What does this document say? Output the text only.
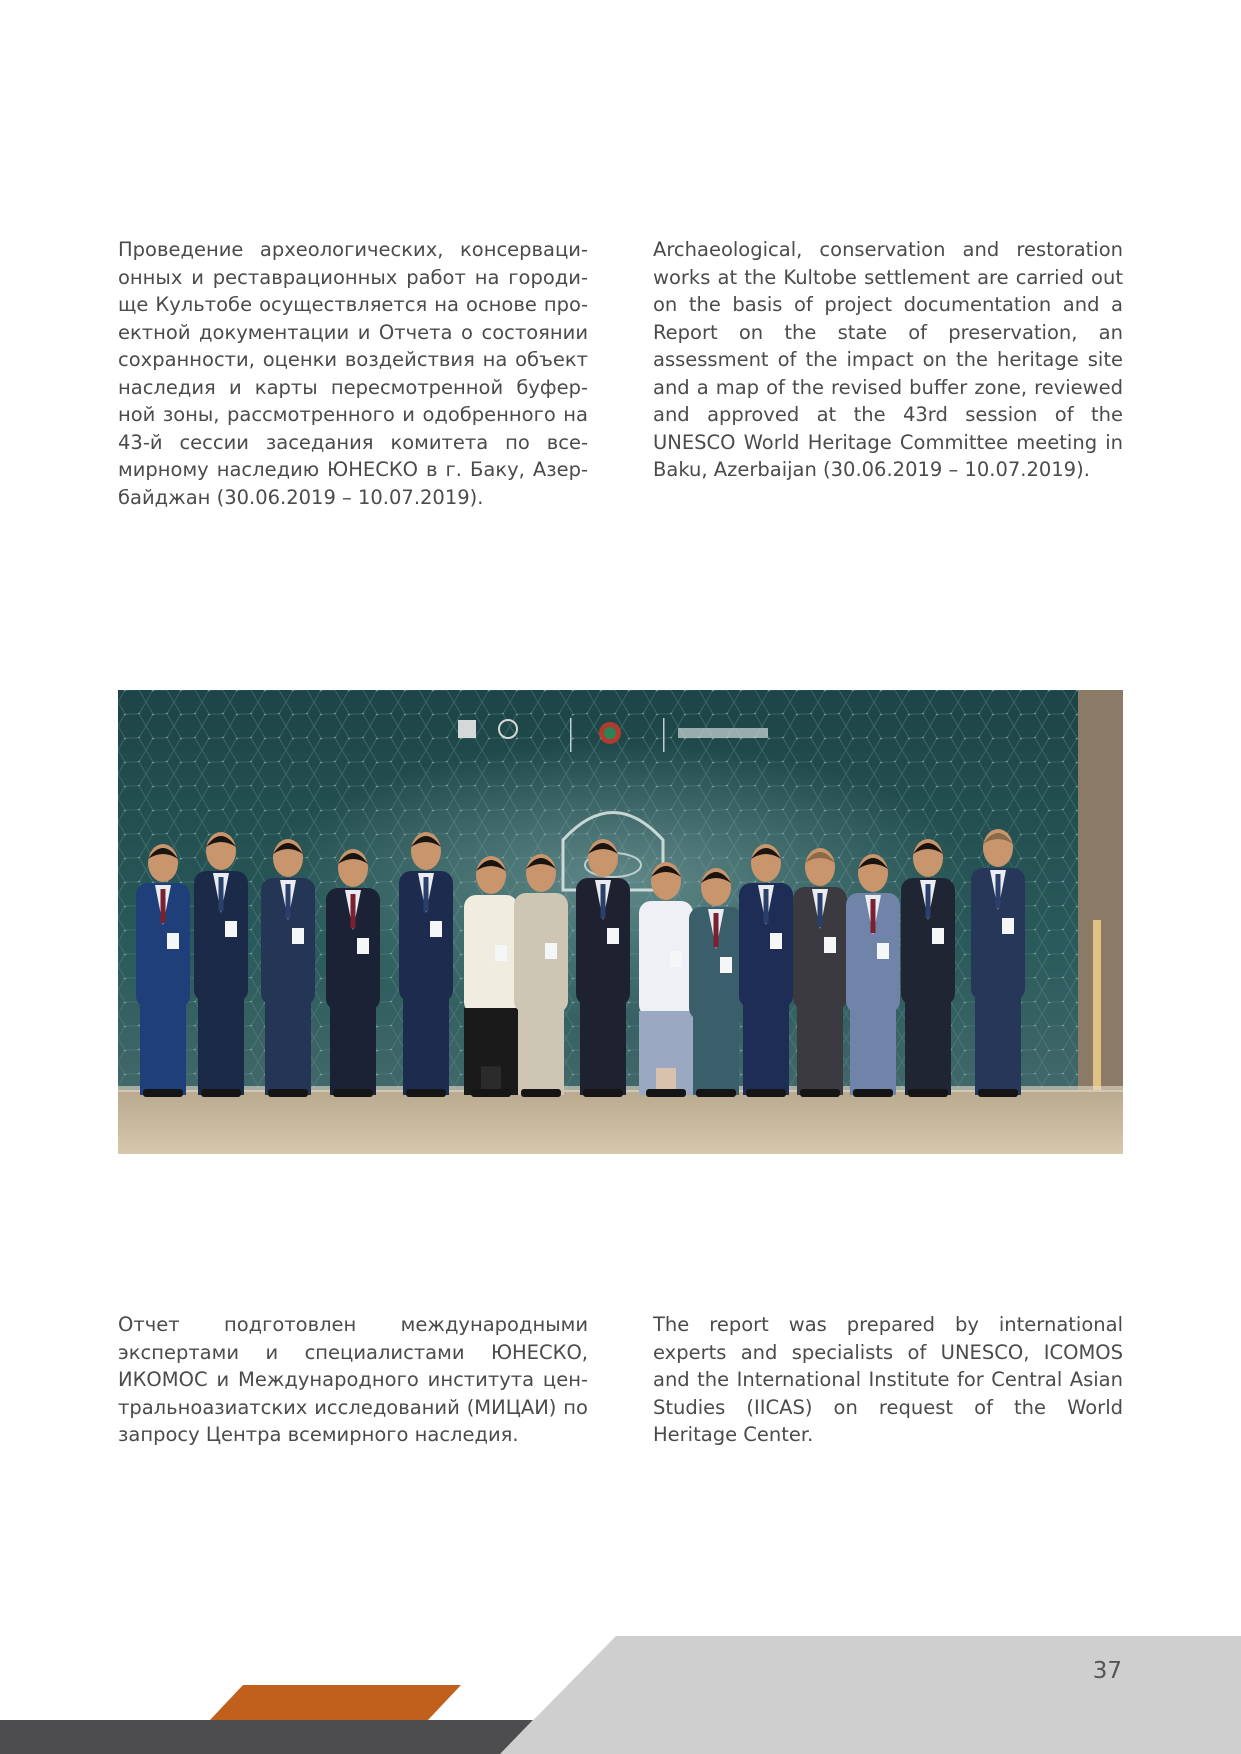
Проведение археологических, консервационных и реставрационных работ на городище Культобе осуществляется на основе проектной документации и Отчета о состоянии сохранности, оценки воздействия на объект наследия и карты пересмотренной буферной зоны, рассмотренного и одобренного на 43-й сессии заседания комитета по всемирному наследию ЮНЕСКО в г. Баку, Азербайджан (30.06.2019 – 10.07.2019).

Archaeological, conservation and restoration works at the Kultobe settlement are carried out on the basis of project documentation and a Report on the state of preservation, an assessment of the impact on the heritage site and a map of the revised buffer zone, reviewed and approved at the 43rd session of the UNESCO World Heritage Committee meeting in Baku, Azerbaijan (30.06.2019 – 10.07.2019).

Отчет подготовлен международными экспертами и специалистами ЮНЕСКО, ИКОМОС и Международного института центральноазиатских исследований (МИЦАИ) по запросу Центра всемирного наследия.

The report was prepared by international experts and specialists of UNESCO, ICOMOS and the International Institute for Central Asian Studies (IICAS) on request of the World Heritage Center.

37
